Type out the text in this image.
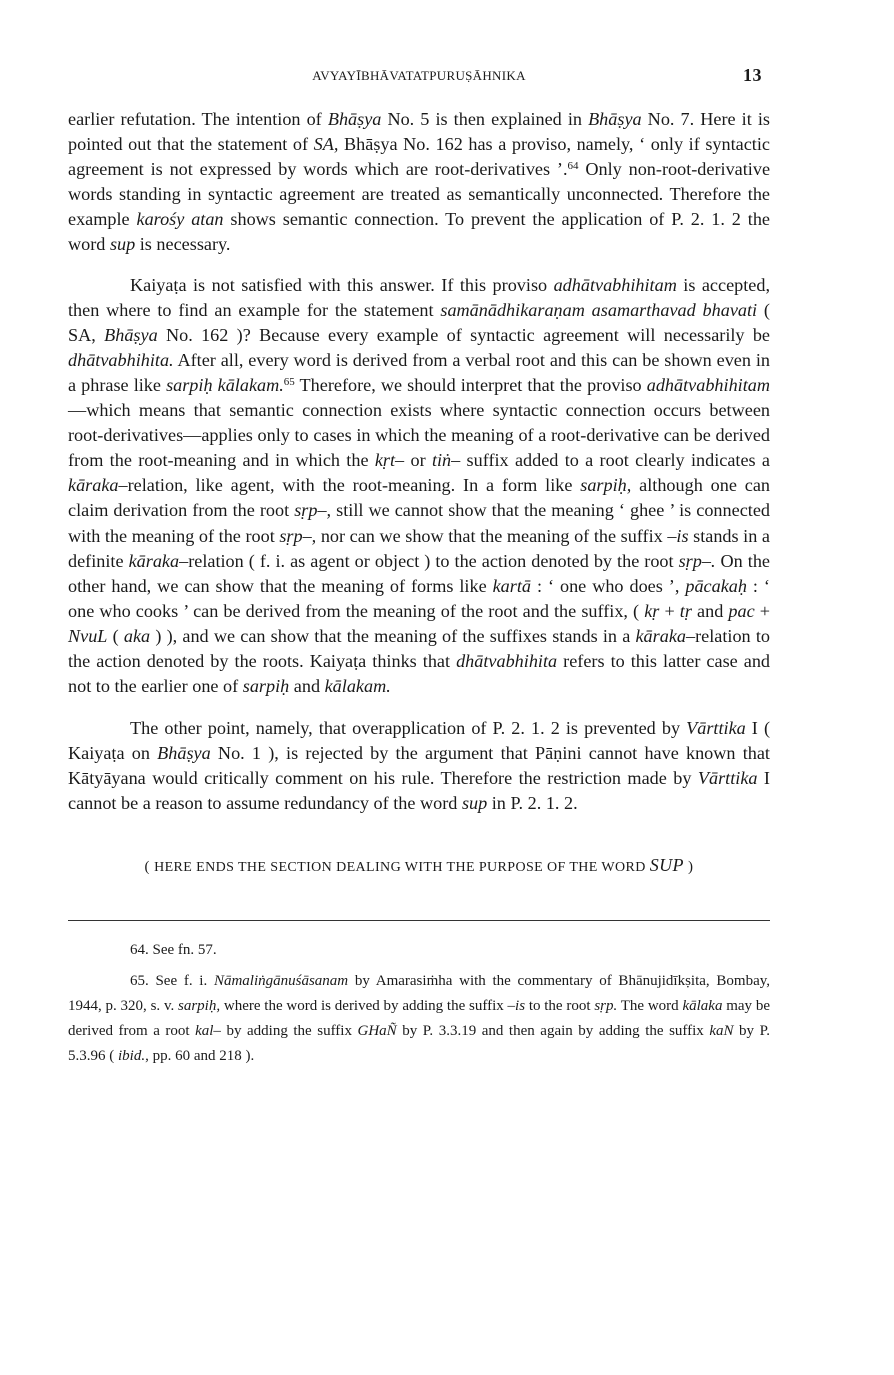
AVYAYĪBHĀVATATPURUṢĀHNIKA	13

earlier refutation. The intention of Bhāṣya No. 5 is then explained in Bhāṣya No. 7. Here it is pointed out that the statement of SA, Bhāṣya No. 162 has a proviso, namely, ‘ only if syntactic agreement is not expressed by words which are root-derivatives ’.$^{64}$ Only non-root-derivative words standing in syntactic agreement are treated as semantically unconnected. Therefore the example karośy atan shows semantic connection. To prevent the application of P. 2. 1. 2 the word sup is necessary.

Kaiyaṭa is not satisfied with this answer. If this proviso adhātvabhihitam is accepted, then where to find an example for the statement samānādhikaraṇam asamarthavad bhavati ( SA, Bhāṣya No. 162 )? Because every example of syntactic agreement will necessarily be dhātvabhihita. After all, every word is derived from a verbal root and this can be shown even in a phrase like sarpiḥ kālakam.$^{65}$ Therefore, we should interpret that the proviso adhātvabhihitam—which means that semantic connection exists where syntactic connection occurs between root-derivatives—applies only to cases in which the meaning of a root-derivative can be derived from the root-meaning and in which the kṛt– or tiṅ– suffix added to a root clearly indicates a kāraka–relation, like agent, with the root-meaning. In a form like sarpiḥ, although one can claim derivation from the root sṛp–, still we cannot show that the meaning ‘ ghee ’ is connected with the meaning of the root sṛp–, nor can we show that the meaning of the suffix –is stands in a definite kāraka–relation ( f. i. as agent or object ) to the action denoted by the root sṛp–. On the other hand, we can show that the meaning of forms like kartā : ‘ one who does ’, pācakaḥ : ‘ one who cooks ’ can be derived from the meaning of the root and the suffix, ( kṛ + tṛ and pac + NvuL ( aka ) ), and we can show that the meaning of the suffixes stands in a kāraka–relation to the action denoted by the roots. Kaiyaṭa thinks that dhātvabhihita refers to this latter case and not to the earlier one of sarpiḥ and kālakam.

The other point, namely, that overapplication of P. 2. 1. 2 is prevented by Vārttika I ( Kaiyaṭa on Bhāṣya No. 1 ), is rejected by the argument that Pāṇini cannot have known that Kātyāyana would critically comment on his rule. Therefore the restriction made by Vārttika I cannot be a reason to assume redundancy of the word sup in P. 2. 1. 2.

( HERE ENDS THE SECTION DEALING WITH THE PURPOSE OF THE WORD SUP )
64. See fn. 57.
65. See f. i. Nāmaliṅgānuśāsanam by Amarasiṁha with the commentary of Bhānujidīkṣita, Bombay, 1944, p. 320, s. v. sarpiḥ, where the word is derived by adding the suffix –is to the root sṛp. The word kālaka may be derived from a root kal– by adding the suffix GHaÑ by P. 3.3.19 and then again by adding the suffix kaN by P. 5.3.96 ( ibid., pp. 60 and 218 ).
